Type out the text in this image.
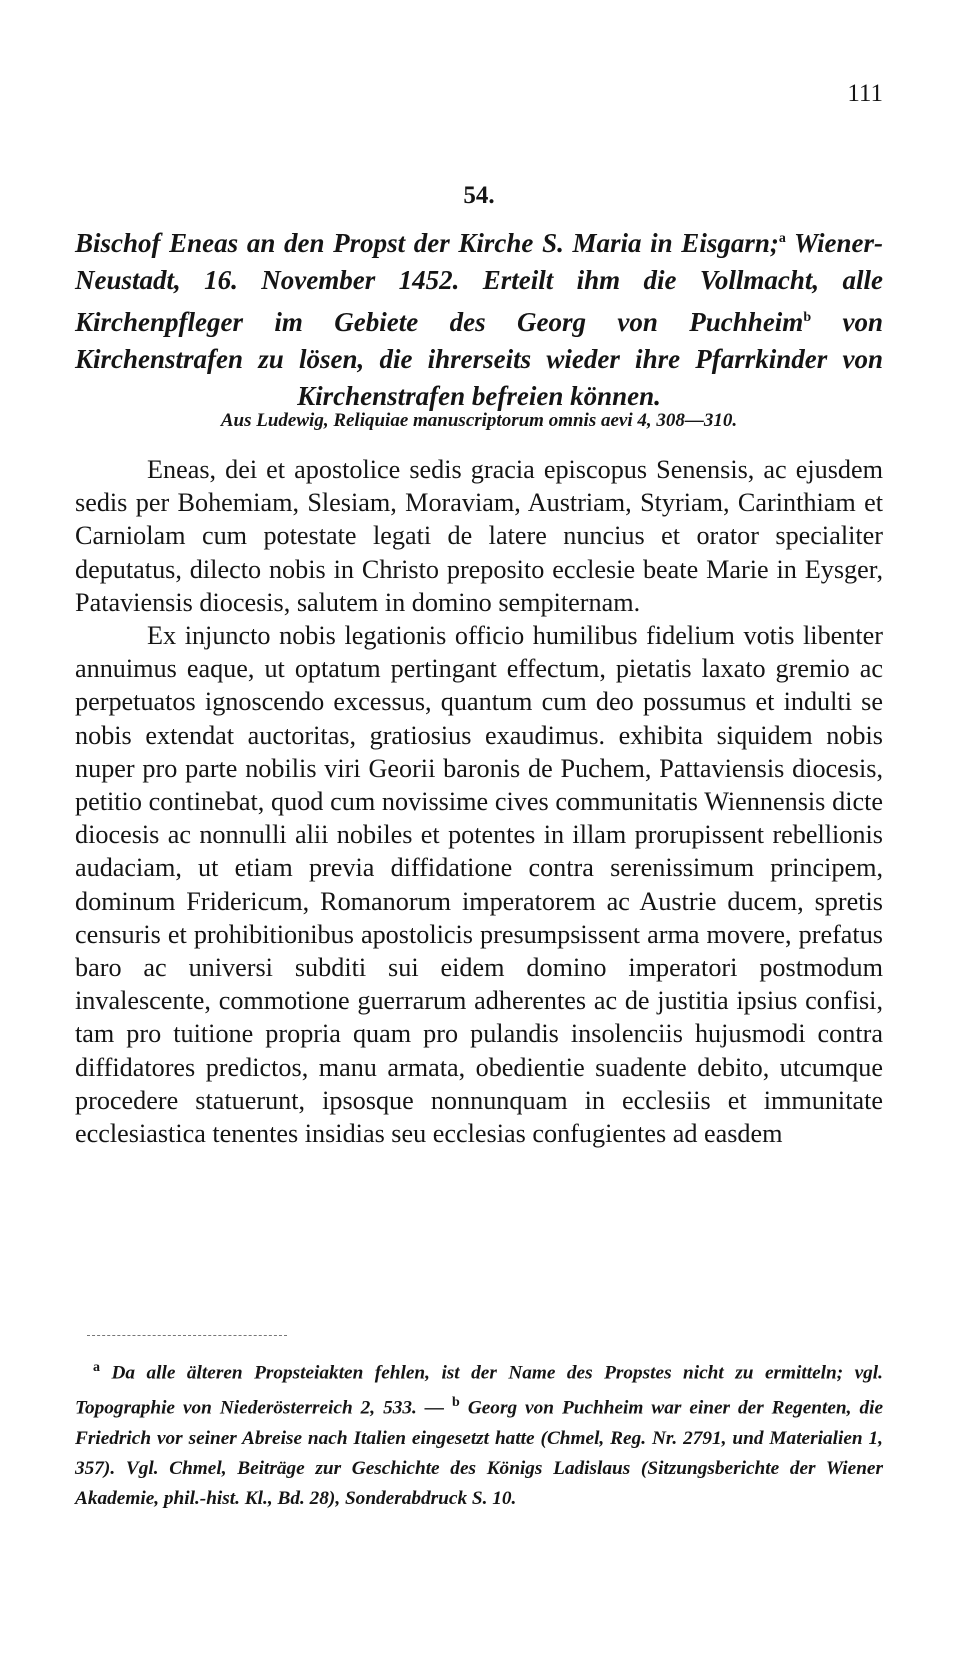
111
54.
Bischof Eneas an den Propst der Kirche S. Maria in Eisgarn;$^a$ Wiener-Neustadt, 16. November 1452. Erteilt ihm die Vollmacht, alle Kirchenpfleger im Gebiete des Georg von Puchheim$^b$ von Kirchenstrafen zu lösen, die ihrerseits wieder ihre Pfarrkinder von Kirchenstrafen befreien können.
Aus Ludewig, Reliquiae manuscriptorum omnis aevi 4, 308—310.

Eneas, dei et apostolice sedis gracia episcopus Senensis, ac ejusdem sedis per Bohemiam, Slesiam, Moraviam, Austriam, Styriam, Carinthiam et Carniolam cum potestate legati de latere nuncius et orator specialiter deputatus, dilecto nobis in Christo preposito ecclesie beate Marie in Eysger, Pataviensis diocesis, salutem in domino sempiternam.

Ex injuncto nobis legationis officio humilibus fidelium votis libenter annuimus eaque, ut optatum pertingant effectum, pietatis laxato gremio ac perpetuatos ignoscendo excessus, quantum cum deo possumus et indulti se nobis extendat auctoritas, gratiosius exaudimus. exhibita siquidem nobis nuper pro parte nobilis viri Georii baronis de Puchem, Pattaviensis diocesis, petitio continebat, quod cum novissime cives communitatis Wiennensis dicte diocesis ac nonnulli alii nobiles et potentes in illam prorupissent rebellionis audaciam, ut etiam previa diffidatione contra serenissimum principem, dominum Fridericum, Romanorum imperatorem ac Austrie ducem, spretis censuris et prohibitionibus apostolicis presumpsissent arma movere, prefatus baro ac universi subditi sui eidem domino imperatori postmodum invalescente, commotione guerrarum adherentes ac de justitia ipsius confisi, tam pro tuitione propria quam pro pulandis insolenciis hujusmodi contra diffidatores predictos, manu armata, obedientie suadente debito, utcumque procedere statuerunt, ipsosque nonnunquam in ecclesiis et immunitate ecclesiastica tenentes insidias seu ecclesias confugientes ad easdem

$^a$ Da alle älteren Propsteiakten fehlen, ist der Name des Propstes nicht zu ermitteln; vgl. Topographie von Niederösterreich 2, 533. — $^b$ Georg von Puchheim war einer der Regenten, die Friedrich vor seiner Abreise nach Italien eingesetzt hatte (Chmel, Reg. Nr. 2791, und Materialien 1, 357). Vgl. Chmel, Beiträge zur Geschichte des Königs Ladislaus (Sitzungsberichte der Wiener Akademie, phil.-hist. Kl., Bd. 28), Sonderabdruck S. 10.
